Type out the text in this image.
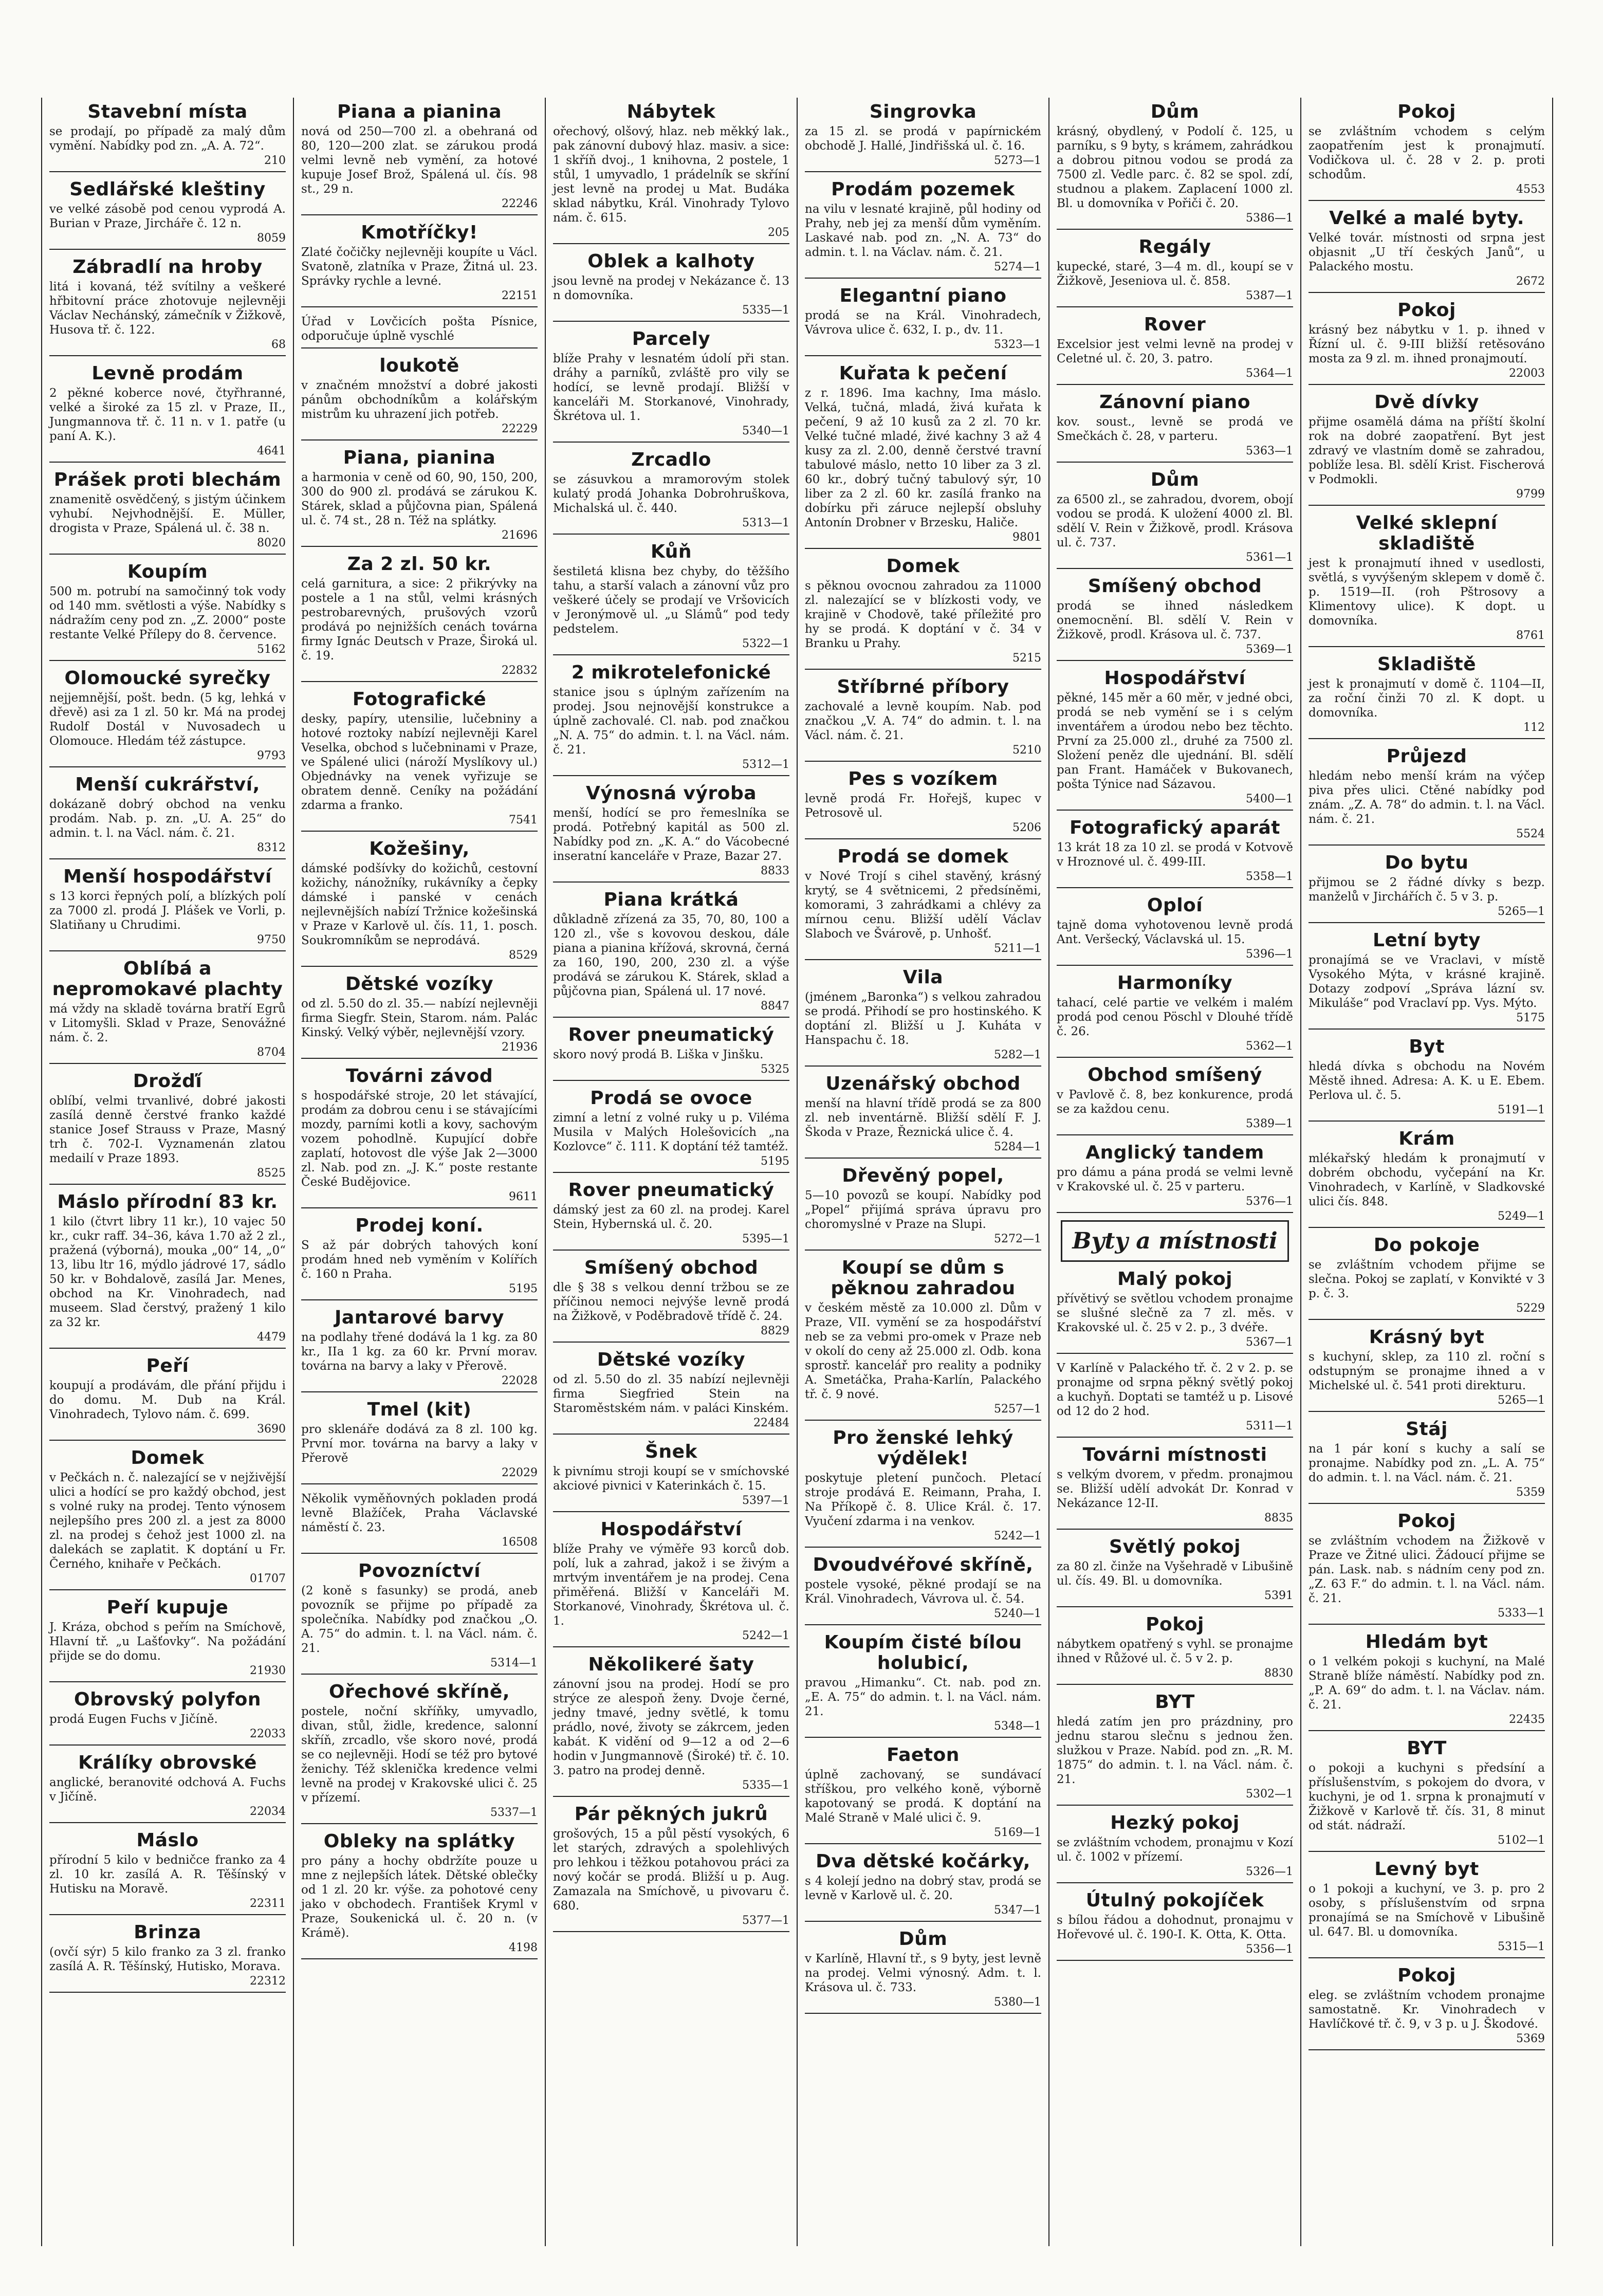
Stavební místa

se prodají, po případě za malý dům vymění. Nabídky pod zn. „A. A. 72“.

210
Sedlářské kleštiny

ve velké zásobě pod cenou vyprodá A. Burian v Praze, Jircháře č. 12 n.

8059
Zábradlí na hroby

litá i kovaná, též svítilny a veškeré hřbitovní práce zhotovuje nejlevněji Václav Nechánský, zámečník v Žižkově, Husova tř. č. 122.

68
Levně prodám

2 pěkné koberce nové, čtyřhranné, velké a široké za 15 zl. v Praze, II., Jungmannova tř. č. 11 n. v 1. patře (u paní A. K.).

4641
Prášek proti blechám

znamenitě osvědčený, s jistým účinkem vyhubí. Nejvhodnější. E. Müller, drogista v Praze, Spálená ul. č. 38 n.

8020
Koupím

500 m. potrubí na samočinný tok vody od 140 mm. světlosti a výše. Nabídky s nádražím ceny pod zn. „Z. 2000“ poste restante Velké Přílepy do 8. července.

5162
Olomoucké syrečky

nejjemnější, pošt. bedn. (5 kg, lehká v dřevě) asi za 1 zl. 50 kr. Má na prodej Rudolf Dostál v Nuvosadech u Olomouce. Hledám též zástupce.

9793
Menší cukrářství,

dokázaně dobrý obchod na venku prodám. Nab. p. zn. „U. A. 25“ do admin. t. l. na Václ. nám. č. 21.

8312
Menší hospodářství

s 13 korci řepných polí, a blízkých polí za 7000 zl. prodá J. Plášek ve Vorli, p. Slatiňany u Chrudimi.

9750
Oblíbá a nepromokavé plachty

má vždy na skladě továrna bratří Egrů v Litomyšli. Sklad v Praze, Senovážné nám. č. 2.

8704
Drožďí

oblíbí, velmi trvanlivé, dobré jakosti zasílá denně čerstvé franko každé stanice Josef Strauss v Praze, Masný trh č. 702-I. Vyznamenán zlatou medailí v Praze 1893.

8525
Máslo přírodní 83 kr.

1 kilo (čtvrt libry 11 kr.), 10 vajec 50 kr., cukr raff. 34–36, káva 1.70 až 2 zl., pražená (výborná), mouka „00“ 14, „0“ 13, libu ltr 16, mýdlo jádrové 17, sádlo 50 kr. v Bohdalově, zasílá Jar. Menes, obchod na Kr. Vinohradech, nad museem. Slad čerstvý, pražený 1 kilo za 32 kr.

4479
Peří

koupují a prodávám, dle přání přijdu i do domu. M. Dub na Král. Vinohradech, Tylovo nám. č. 699.

3690
Domek

v Pečkách n. č. nalezající se v nejživější ulici a hodící se pro každý obchod, jest s volné ruky na prodej. Tento výnosem nejlepšího pres 200 zl. a jest za 8000 zl. na prodej s čehož jest 1000 zl. na dalekách se zaplatit. K doptání u Fr. Černého, knihaře v Pečkách.

01707
Peří kupuje

J. Kráza, obchod s peřím na Smíchově, Hlavní tř. „u Lašťovky“. Na požádání přijde se do domu.

21930
Obrovský polyfon

prodá Eugen Fuchs v Jičíně.

22033
Králíky obrovské

anglické, beranovité odchová A. Fuchs v Jičíně.

22034
Máslo

přírodní 5 kilo v bedničce franko za 4 zl. 10 kr. zasílá A. R. Těšínský v Hutisku na Moravě.

22311
Brinza

(ovčí sýr) 5 kilo franko za 3 zl. franko zasílá A. R. Těšínský, Hutisko, Morava.

22312
Piana a pianina

nová od 250—700 zl. a obehraná od 80, 120—200 zlat. se zárukou prodá velmi levně neb vymění, za hotové kupuje Josef Brož, Spálená ul. čís. 98 st., 29 n.

22246
Kmotříčky!

Zlaté čočičky nejlevněji koupíte u Václ. Svatoně, zlatníka v Praze, Žitná ul. 23. Správky rychle a levné.

22151

Úřad v Lovčicích pošta Písnice, odporučuje úplně vyschlé

loukotě

v značném množství a dobré jakosti pánům obchodníkům a kolářským mistrům ku uhrazení jich potřeb.

22229
Piana, pianina

a harmonia v ceně od 60, 90, 150, 200, 300 do 900 zl. prodává se zárukou K. Stárek, sklad a půjčovna pian, Spálená ul. č. 74 st., 28 n. Též na splátky.

21696
Za 2 zl. 50 kr.

celá garnitura, a sice: 2 přikrývky na postele a 1 na stůl, velmi krásných pestrobarevných, prušových vzorů prodává po nejnižších cenách továrna firmy Ignác Deutsch v Praze, Široká ul. č. 19.

22832
Fotografické

desky, papíry, utensilie, lučebniny a hotové roztoky nabízí nejlevněji Karel Veselka, obchod s lučebninami v Praze, ve Spálené ulici (nároží Myslíkovy ul.) Objednávky na venek vyřizuje se obratem denně. Ceníky na požádání zdarma a franko.

7541
Kožešiny,

dámské podšívky do kožichů, cestovní kožichy, nánožníky, rukávníky a čepky dámské i panské v cenách nejlevnějších nabízí Tržnice kožešinská v Praze v Karlově ul. čís. 11, 1. posch. Soukromníkům se neprodává.

8529
Dětské vozíky

od zl. 5.50 do zl. 35.— nabízí nejlevněji firma Siegfr. Stein, Starom. nám. Palác Kinský. Velký výběr, nejlevnější vzory.

21936
Továrni závod

s hospodářské stroje, 20 let stávající, prodám za dobrou cenu i se stávajícími mozdy, parními kotli a kovy, sachovým vozem pohodlně. Kupující dobře zaplatí, hotovost dle výše Jak 2—3000 zl. Nab. pod zn. „J. K.“ poste restante České Budějovice.

9611
Prodej koní.

S až pár dobrých tahových koní prodám hned neb vyměním v Kolířích č. 160 n Praha.

5195
Jantarové barvy

na podlahy třené dodává la 1 kg. za 80 kr., IIa 1 kg. za 60 kr. První morav. továrna na barvy a laky v Přerově.

22028
Tmel (kit)

pro sklenáře dodává za 8 zl. 100 kg. První mor. továrna na barvy a laky v Přerově

22029

Několik vyměňovných pokladen prodá levně Blažíček, Praha Václavské náměstí č. 23.

16508
Povozníctví

(2 koně s fasunky) se prodá, aneb povozník se přijme po případě za společníka. Nabídky pod značkou „O. A. 75“ do admin. t. l. na Václ. nám. č. 21.

5314—1
Ořechové skříně,

postele, noční skříňky, umyvadlo, divan, stůl, židle, kredence, salonní skříň, zrcadlo, vše skoro nové, prodá se co nejlevněji. Hodí se též pro bytové ženichy. Též sklenička kredence velmi levně na prodej v Krakovské ulici č. 25 v přízemí.

5337—1
Obleky na splátky

pro pány a hochy obdržíte pouze u mne z nejlepších látek. Dětské oblečky od 1 zl. 20 kr. výše. za pohotové ceny jako v obchodech. František Kryml v Praze, Soukenická ul. č. 20 n. (v Krámě).

4198
Nábytek

ořechový, olšový, hlaz. neb měkký lak., pak zánovní dubový hlaz. masiv. a sice: 1 skříň dvoj., 1 knihovna, 2 postele, 1 stůl, 1 umyvadlo, 1 prádelník se skříní jest levně na prodej u Mat. Budáka sklad nábytku, Král. Vinohrady Tylovo nám. č. 615.

205
Oblek a kalhoty

jsou levně na prodej v Nekázance č. 13 n domovníka.

5335—1
Parcely

blíže Prahy v lesnatém údolí při stan. dráhy a parníků, zvláště pro vily se hodící, se levně prodají. Bližší v kanceláři M. Storkanové, Vinohrady, Škrétova ul. 1.

5340—1
Zrcadlo

se zásuvkou a mramorovým stolek kulatý prodá Johanka Dobrohruškova, Michalská ul. č. 440.

5313—1
Kůň

šestiletá klisna bez chyby, do těžšího tahu, a starší valach a zánovní vůz pro veškeré účely se prodají ve Vršovicích v Jeronýmově ul. „u Slámů“ pod tedy pedstelem.

5322—1
2 mikrotelefonické

stanice jsou s úplným zařízením na prodej. Jsou nejnovější konstrukce a úplně zachovalé. Cl. nab. pod značkou „N. A. 75“ do admin. t. l. na Václ. nám. č. 21.

5312—1
Výnosná výroba

menší, hodící se pro řemeslníka se prodá. Potřebný kapitál as 500 zl. Nabídky pod zn. „K. A.“ do Vácobecné inseratní kanceláře v Praze, Bazar 27.

8833
Piana krátká

důkladně zřízená za 35, 70, 80, 100 a 120 zl., vše s kovovou deskou, dále piana a pianina křížová, skrovná, černá za 160, 190, 200, 230 zl. a výše prodává se zárukou K. Stárek, sklad a půjčovna pian, Spálená ul. 17 nové.

8847
Rover pneumatický

skoro nový prodá B. Liška v Jinšku.

5325
Prodá se ovoce

zimní a letní z volné ruky u p. Viléma Musila v Malých Holešovicích „na Kozlovce“ č. 111. K doptání též tamtéž.

5195
Rover pneumatický

dámský jest za 60 zl. na prodej. Karel Stein, Hybernská ul. č. 20.

5395—1
Smíšený obchod

dle § 38 s velkou denní tržbou se ze příčinou nemoci nejvýše levně prodá na Žižkově, v Poděbradově třídě č. 24.

8829
Dětské vozíky

od zl. 5.50 do zl. 35 nabízí nejlevněji firma Siegfried Stein na Staroměstském nám. v paláci Kinském.

22484
Šnek

k pivnímu stroji koupí se v smíchovské akciové pivnici v Katerinkách č. 15.

5397—1
Hospodářství

blíže Prahy ve výměře 93 korců dob. polí, luk a zahrad, jakož i se živým a mrtvým inventářem je na prodej. Cena přiměřená. Bližší v Kanceláři M. Storkanové, Vinohrady, Škrétova ul. č. 1.

5242—1
Několikeré šaty

zánovní jsou na prodej. Hodí se pro strýce ze alespoň ženy. Dvoje černé, jedny tmavé, jedny světlé, k tomu prádlo, nové, životy se zákrcem, jeden kabát. K vidění od 9—12 a od 2—6 hodin v Jungmannově (Široké) tř. č. 10. 3. patro na prodej denně.

5335—1
Pár pěkných jukrů

grošových, 15 a půl pěstí vysokých, 6 let starých, zdravých a spolehlivých pro lehkou i těžkou potahovou práci za nový kočár se prodá. Bližší u p. Aug. Zamazala na Smíchově, u pivovaru č. 680.

5377—1
Singrovka

za 15 zl. se prodá v papírnickém obchodě J. Hallé, Jindřišská ul. č. 16.

5273—1
Prodám pozemek

na vilu v lesnaté krajině, půl hodiny od Prahy, neb jej za menší dům vyměním. Laskavé nab. pod zn. „N. A. 73“ do admin. t. l. na Václav. nám. č. 21.

5274—1
Elegantní piano

prodá se na Král. Vinohradech, Vávrova ulice č. 632, I. p., dv. 11.

5323—1
Kuřata k pečení

z r. 1896. Ima kachny, Ima máslo. Velká, tučná, mladá, živá kuřata k pečení, 9 až 10 kusů za 2 zl. 70 kr. Velké tučné mladé, živé kachny 3 až 4 kusy za zl. 2.00, denně čerstvé travní tabulové máslo, netto 10 liber za 3 zl. 60 kr., dobrý tučný tabulový sýr, 10 liber za 2 zl. 60 kr. zasílá franko na dobírku při záruce nejlepší obsluhy Antonín Drobner v Brzesku, Haliče.

9801
Domek

s pěknou ovocnou zahradou za 11000 zl. nalezající se v blízkosti vody, ve krajině v Chodově, také příležité pro hy se prodá. K doptání v č. 34 v Branku u Prahy.

5215
Stříbrné příbory

zachovalé a levně koupím. Nab. pod značkou „V. A. 74“ do admin. t. l. na Václ. nám. č. 21.

5210
Pes s vozíkem

levně prodá Fr. Hořejš, kupec v Petrosově ul.

5206
Prodá se domek

v Nové Trojí s cihel stavěný, krásný krytý, se 4 světnicemi, 2 předsíněmi, komorami, 3 zahrádkami a chlévy za mírnou cenu. Bližší udělí Václav Slaboch ve Švárově, p. Unhošť.

5211—1
Vila

(jménem „Baronka“) s velkou zahradou se prodá. Přihodí se pro hostinského. K doptání zl. Bližší u J. Kuháta v Hanspachu č. 18.

5282—1
Uzenářský obchod

menší na hlavní třídě prodá se za 800 zl. neb inventárně. Bližší sdělí F. J. Škoda v Praze, Řeznická ulice č. 4.

5284—1
Dřevěný popel,

5—10 povozů se koupí. Nabídky pod „Popel“ přijímá správa úpravu pro choromyslné v Praze na Slupi.

5272—1
Koupí se dům s pěknou zahradou

v českém městě za 10.000 zl. Dům v Praze, VII. vymění se za hospodářství neb se za vebmi pro-omek v Praze neb v okolí do ceny až 25.000 zl. Odb. kona sprostř. kancelář pro reality a podniky A. Smetáčka, Praha-Karlín, Palackého tř. č. 9 nové.

5257—1
Pro ženské lehký výdělek!

poskytuje pletení punčoch. Pletací stroje prodává E. Reimann, Praha, I. Na Příkopě č. 8. Ulice Král. č. 17. Vyučení zdarma i na venkov.

5242—1
Dvoudvéřové skříně,

postele vysoké, pěkné prodají se na Král. Vinohradech, Vávrova ul. č. 54.

5240—1
Koupím čisté bílou holubicí,

pravou „Himanku“. Ct. nab. pod zn. „E. A. 75“ do admin. t. l. na Václ. nám. 21.

5348—1
Faeton

úplně zachovaný, se sundávací stříškou, pro velkého koně, výborně kapotovaný se prodá. K doptání na Malé Straně v Malé ulici č. 9.

5169—1
Dva dětské kočárky,

s 4 kolejí jedno na dobrý stav, prodá se levně v Karlově ul. č. 20.

5347—1
Dům

v Karlíně, Hlavní tř., s 9 byty, jest levně na prodej. Velmi výnosný. Adm. t. l. Krásova ul. č. 733.

5380—1
Dům

krásný, obydlený, v Podolí č. 125, u parníku, s 9 byty, s krámem, zahrádkou a dobrou pitnou vodou se prodá za 7500 zl. Vedle parc. č. 82 se spol. zdí, studnou a plakem. Zaplacení 1000 zl. Bl. u domovníka v Pořiči č. 20.

5386—1
Regály

kupecké, staré, 3—4 m. dl., koupí se v Žižkově, Jeseniova ul. č. 858.

5387—1
Rover

Excelsior jest velmi levně na prodej v Celetné ul. č. 20, 3. patro.

5364—1
Zánovní piano

kov. soust., levně se prodá ve Smečkách č. 28, v parteru.

5363—1
Dům

za 6500 zl., se zahradou, dvorem, obojí vodou se prodá. K uložení 4000 zl. Bl. sdělí V. Rein v Žižkově, prodl. Krásova ul. č. 737.

5361—1
Smíšený obchod

prodá se ihned následkem onemocnění. Bl. sdělí V. Rein v Žižkově, prodl. Krásova ul. č. 737.

5369—1
Hospodářství

pěkné, 145 měr a 60 měr, v jedné obci, prodá se neb vymění se i s celým inventářem a úrodou nebo bez těchto. První za 25.000 zl., druhé za 7500 zl. Složení peněz dle ujednání. Bl. sdělí pan Frant. Hamáček v Bukovanech, pošta Týnice nad Sázavou.

5400—1
Fotografický aparát

13 krát 18 za 10 zl. se prodá v Kotvově v Hroznové ul. č. 499-III.

5358—1
Oploí

tajně doma vyhotovenou levně prodá Ant. Veršecký, Václavská ul. 15.

5396—1
Harmoníky

tahací, celé partie ve velkém i malém prodá pod cenou Pöschl v Dlouhé třídě č. 26.

5362—1
Obchod smíšený

v Pavlově č. 8, bez konkurence, prodá se za každou cenu.

5389—1
Anglický tandem

pro dámu a pána prodá se velmi levně v Krakovské ul. č. 25 v parteru.

5376—1
Byty a místnosti
Malý pokoj

přívětivý se světlou vchodem pronajme se slušné slečně za 7 zl. měs. v Krakovské ul. č. 25 v 2. p., 3 dvéře.

5367—1

V Karlíně v Palackého tř. č. 2 v 2. p. se pronajme od srpna pěkný světlý pokoj a kuchyň. Doptati se tamtéž u p. Lisové od 12 do 2 hod.

5311—1
Továrni místnosti

s velkým dvorem, v předm. pronajmou se. Bližší udělí advokát Dr. Konrad v Nekázance 12-II.

8835
Světlý pokoj

za 80 zl. činže na Vyšehradě v Libušině ul. čís. 49. Bl. u domovníka.

5391
Pokoj

nábytkem opatřený s vyhl. se pronajme ihned v Růžové ul. č. 5 v 2. p.

8830
BYT

hledá zatím jen pro prázdniny, pro jednu starou slečnu s jednou žen. služkou v Praze. Nabíd. pod zn. „R. M. 1875“ do admin. t. l. na Václ. nám. č. 21.

5302—1
Hezký pokoj

se zvláštním vchodem, pronajmu v Kozí ul. č. 1002 v přízemí.

5326—1
Útulný pokojíček

s bílou řádou a dohodnut, pronajmu v Hořevové ul. č. 190-I. K. Otta, K. Otta.

5356—1
Pokoj

se zvláštním vchodem s celým zaopatřením jest k pronajmutí. Vodičkova ul. č. 28 v 2. p. proti schodům.

4553
Velké a malé byty.

Velké továr. místnosti od srpna jest objasnit „U tří českých Janů“, u Palackého mostu.

2672
Pokoj

krásný bez nábytku v 1. p. ihned v Řízní ul. č. 9-III bližší retěsováno mosta za 9 zl. m. ihned pronajmoutí.

22003
Dvě dívky

přijme osamělá dáma na příští školní rok na dobré zaopatření. Byt jest zdravý ve vlastním domě se zahradou, poblíže lesa. Bl. sdělí Krist. Fischerová v Podmokli.

9799
Velké sklepní skladiště

jest k pronajmutí ihned v usedlosti, světlá, s vyvýšeným sklepem v domě č. p. 1519—II. (roh Pštrosovy a Klimentovy ulice). K dopt. u domovníka.

8761
Skladiště

jest k pronajmutí v domě č. 1104—II, za roční činži 70 zl. K dopt. u domovníka.

112
Průjezd

hledám nebo menší krám na výčep piva přes ulici. Ctěné nabídky pod znám. „Z. A. 78“ do admin. t. l. na Václ. nám. č. 21.

5524
Do bytu

přijmou se 2 řádné dívky s bezp. manželů v Jirchářích č. 5 v 3. p.

5265—1
Letní byty

pronajímá se ve Vraclavi, v místě Vysokého Mýta, v krásné krajině. Dotazy zodpoví „Správa lázní sv. Mikuláše“ pod Vraclaví pp. Vys. Mýto.

5175
Byt

hledá dívka s obchodu na Novém Městě ihned. Adresa: A. K. u E. Ebem. Perlova ul. č. 5.

5191—1
Krám

mlékařský hledám k pronajmutí v dobrém obchodu, vyčepání na Kr. Vinohradech, v Karlíně, v Sladkovské ulici čís. 848.

5249—1
Do pokoje

se zvláštním vchodem přijme se slečna. Pokoj se zaplatí, v Konvikté v 3 p. č. 3.

5229
Krásný byt

s kuchyní, sklep, za 110 zl. roční s odstupným se pronajme ihned a v Michelské ul. č. 541 proti direkturu.

5265—1
Stáj

na 1 pár koní s kuchy a salí se pronajme. Nabídky pod zn. „L. A. 75“ do admin. t. l. na Václ. nám. č. 21.

5359
Pokoj

se zvláštním vchodem na Žižkově v Praze ve Žitné ulici. Žádoucí přijme se pán. Lask. nab. s nádním ceny pod zn. „Z. 63 F.“ do admin. t. l. na Václ. nám. č. 21.

5333—1
Hledám byt

o 1 velkém pokoji s kuchyní, na Malé Straně blíže náměstí. Nabídky pod zn. „P. A. 69“ do adm. t. l. na Václav. nám. č. 21.

22435
BYT

o pokoji a kuchyni s předsíní a příslušenstvím, s pokojem do dvora, v kuchyni, je od 1. srpna k pronajmutí v Žižkově v Karlově tř. čís. 31, 8 minut od stát. nádraží.

5102—1
Levný byt

o 1 pokoji a kuchyní, ve 3. p. pro 2 osoby, s příslušenstvím od srpna pronajímá se na Smíchově v Libušině ul. 647. Bl. u domovníka.

5315—1
Pokoj

eleg. se zvláštním vchodem pronajme samostatně. Kr. Vinohradech v Havlíčkové tř. č. 9, v 3 p. u J. Škodové.

5369
